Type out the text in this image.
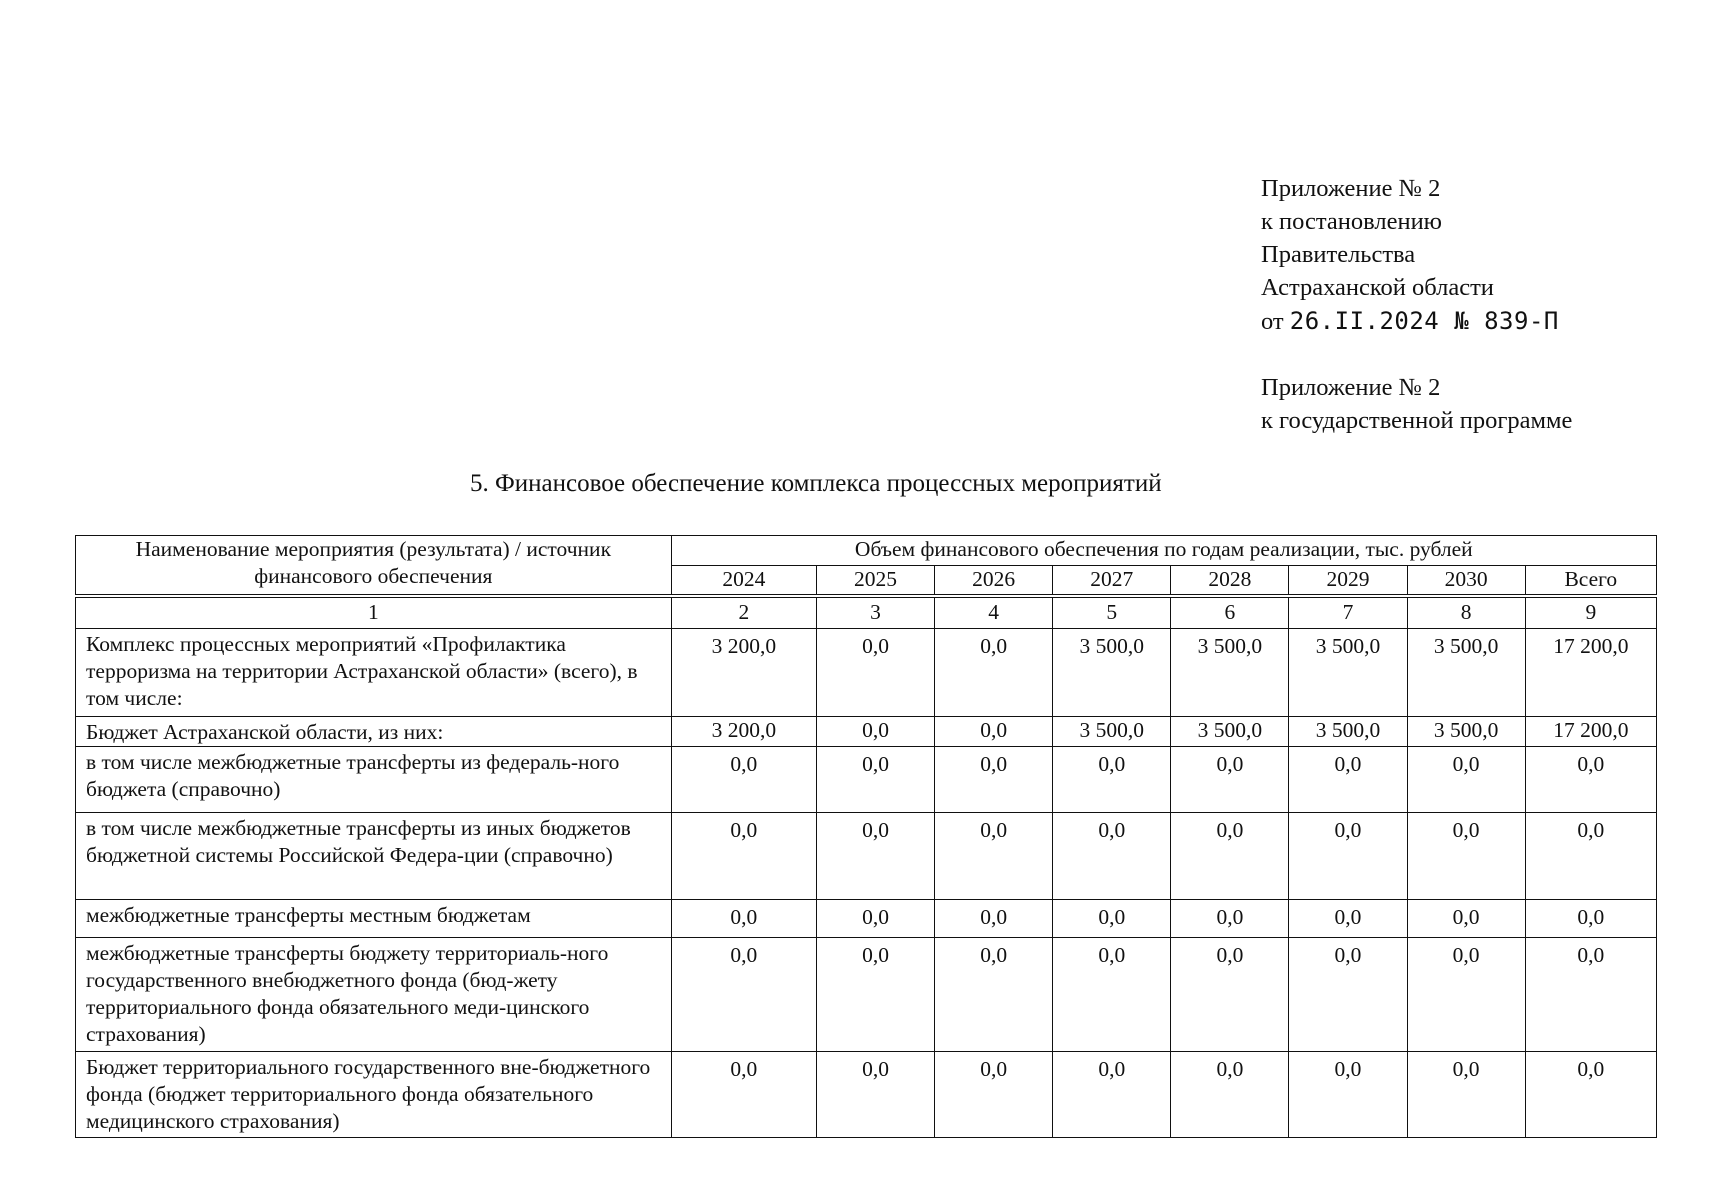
Приложение № 2
к постановлению
Правительства
Астраханской области
от 26.II.2024 № 839-П
Приложение № 2
к государственной программе
5. Финансовое обеспечение комплекса процессных мероприятий
Наименование мероприятия (результата) / источник финансового обеспечения	Объем финансового обеспечения по годам реализации, тыс. рублей							
	2024	2025	2026	2027	2028	2029	2030	Всего
1	2	3	4	5	6	7	8	9
Комплекс процессных мероприятий «Профилактика терроризма на территории Астраханской области» (всего), в том числе:	3 200,0	0,0	0,0	3 500,0	3 500,0	3 500,0	3 500,0	17 200,0
Бюджет Астраханской области, из них:	3 200,0	0,0	0,0	3 500,0	3 500,0	3 500,0	3 500,0	17 200,0
в том числе межбюджетные трансферты из федераль-ного бюджета (справочно)	0,0	0,0	0,0	0,0	0,0	0,0	0,0	0,0
в том числе межбюджетные трансферты из иных бюджетов бюджетной системы Российской Федера-ции (справочно)	0,0	0,0	0,0	0,0	0,0	0,0	0,0	0,0
межбюджетные трансферты местным бюджетам	0,0	0,0	0,0	0,0	0,0	0,0	0,0	0,0
межбюджетные трансферты бюджету территориаль-ного государственного внебюджетного фонда (бюд-жету территориального фонда обязательного меди-цинского страхования)	0,0	0,0	0,0	0,0	0,0	0,0	0,0	0,0
Бюджет территориального государственного вне-бюджетного фонда (бюджет территориального фонда обязательного медицинского страхования)	0,0	0,0	0,0	0,0	0,0	0,0	0,0	0,0
